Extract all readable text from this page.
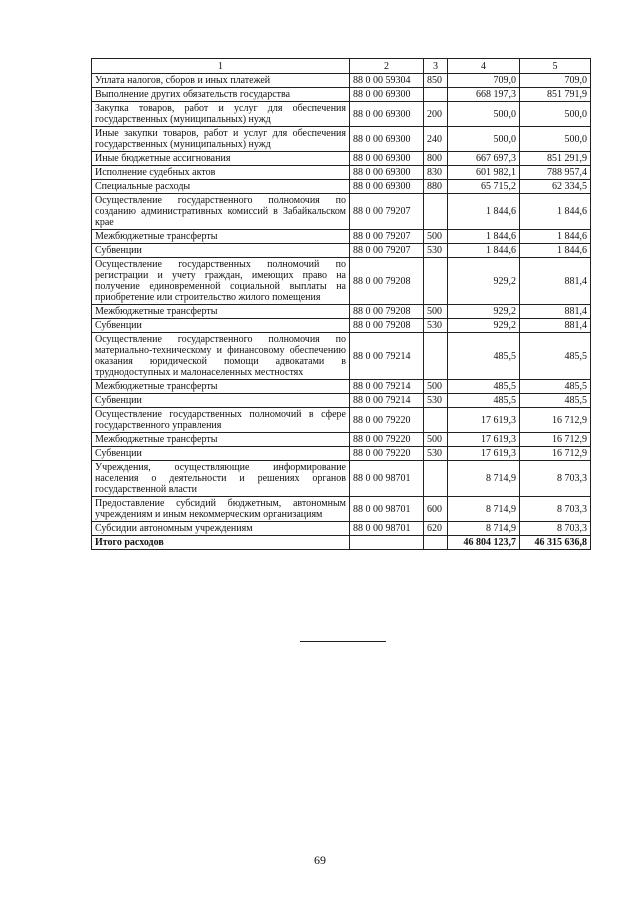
1	2	3	4	5
Уплата налогов, сборов и иных платежей	88 0 00 59304	850	709,0	709,0
Выполнение других обязательств государства	88 0 00 69300		668 197,3	851 791,9
Закупка товаров, работ и услуг для обеспечения государственных (муниципальных) нужд	88 0 00 69300	200	500,0	500,0
Иные закупки товаров, работ и услуг для обеспечения государственных (муниципальных) нужд	88 0 00 69300	240	500,0	500,0
Иные бюджетные ассигнования	88 0 00 69300	800	667 697,3	851 291,9
Исполнение судебных актов	88 0 00 69300	830	601 982,1	788 957,4
Специальные расходы	88 0 00 69300	880	65 715,2	62 334,5
Осуществление государственного полномочия по созданию административных комиссий в Забайкальском крае	88 0 00 79207		1 844,6	1 844,6
Межбюджетные трансферты	88 0 00 79207	500	1 844,6	1 844,6
Субвенции	88 0 00 79207	530	1 844,6	1 844,6
Осуществление государственных полномочий по регистрации и учету граждан, имеющих право на получение единовременной социальной выплаты на приобретение или строительство жилого помещения	88 0 00 79208		929,2	881,4
Межбюджетные трансферты	88 0 00 79208	500	929,2	881,4
Субвенции	88 0 00 79208	530	929,2	881,4
Осуществление государственного полномочия по материально-техническому и финансовому обеспечению оказания юридической помощи адвокатами в труднодоступных и малонаселенных местностях	88 0 00 79214		485,5	485,5
Межбюджетные трансферты	88 0 00 79214	500	485,5	485,5
Субвенции	88 0 00 79214	530	485,5	485,5
Осуществление государственных полномочий в сфере государственного управления	88 0 00 79220		17 619,3	16 712,9
Межбюджетные трансферты	88 0 00 79220	500	17 619,3	16 712,9
Субвенции	88 0 00 79220	530	17 619,3	16 712,9
Учреждения, осуществляющие информирование населения о деятельности и решениях органов государственной власти	88 0 00 98701		8 714,9	8 703,3
Предоставление субсидий бюджетным, автономным учреждениям и иным некоммерческим организациям	88 0 00 98701	600	8 714,9	8 703,3
Субсидии автономным учреждениям	88 0 00 98701	620	8 714,9	8 703,3
Итого расходов			46 804 123,7	46 315 636,8
69
